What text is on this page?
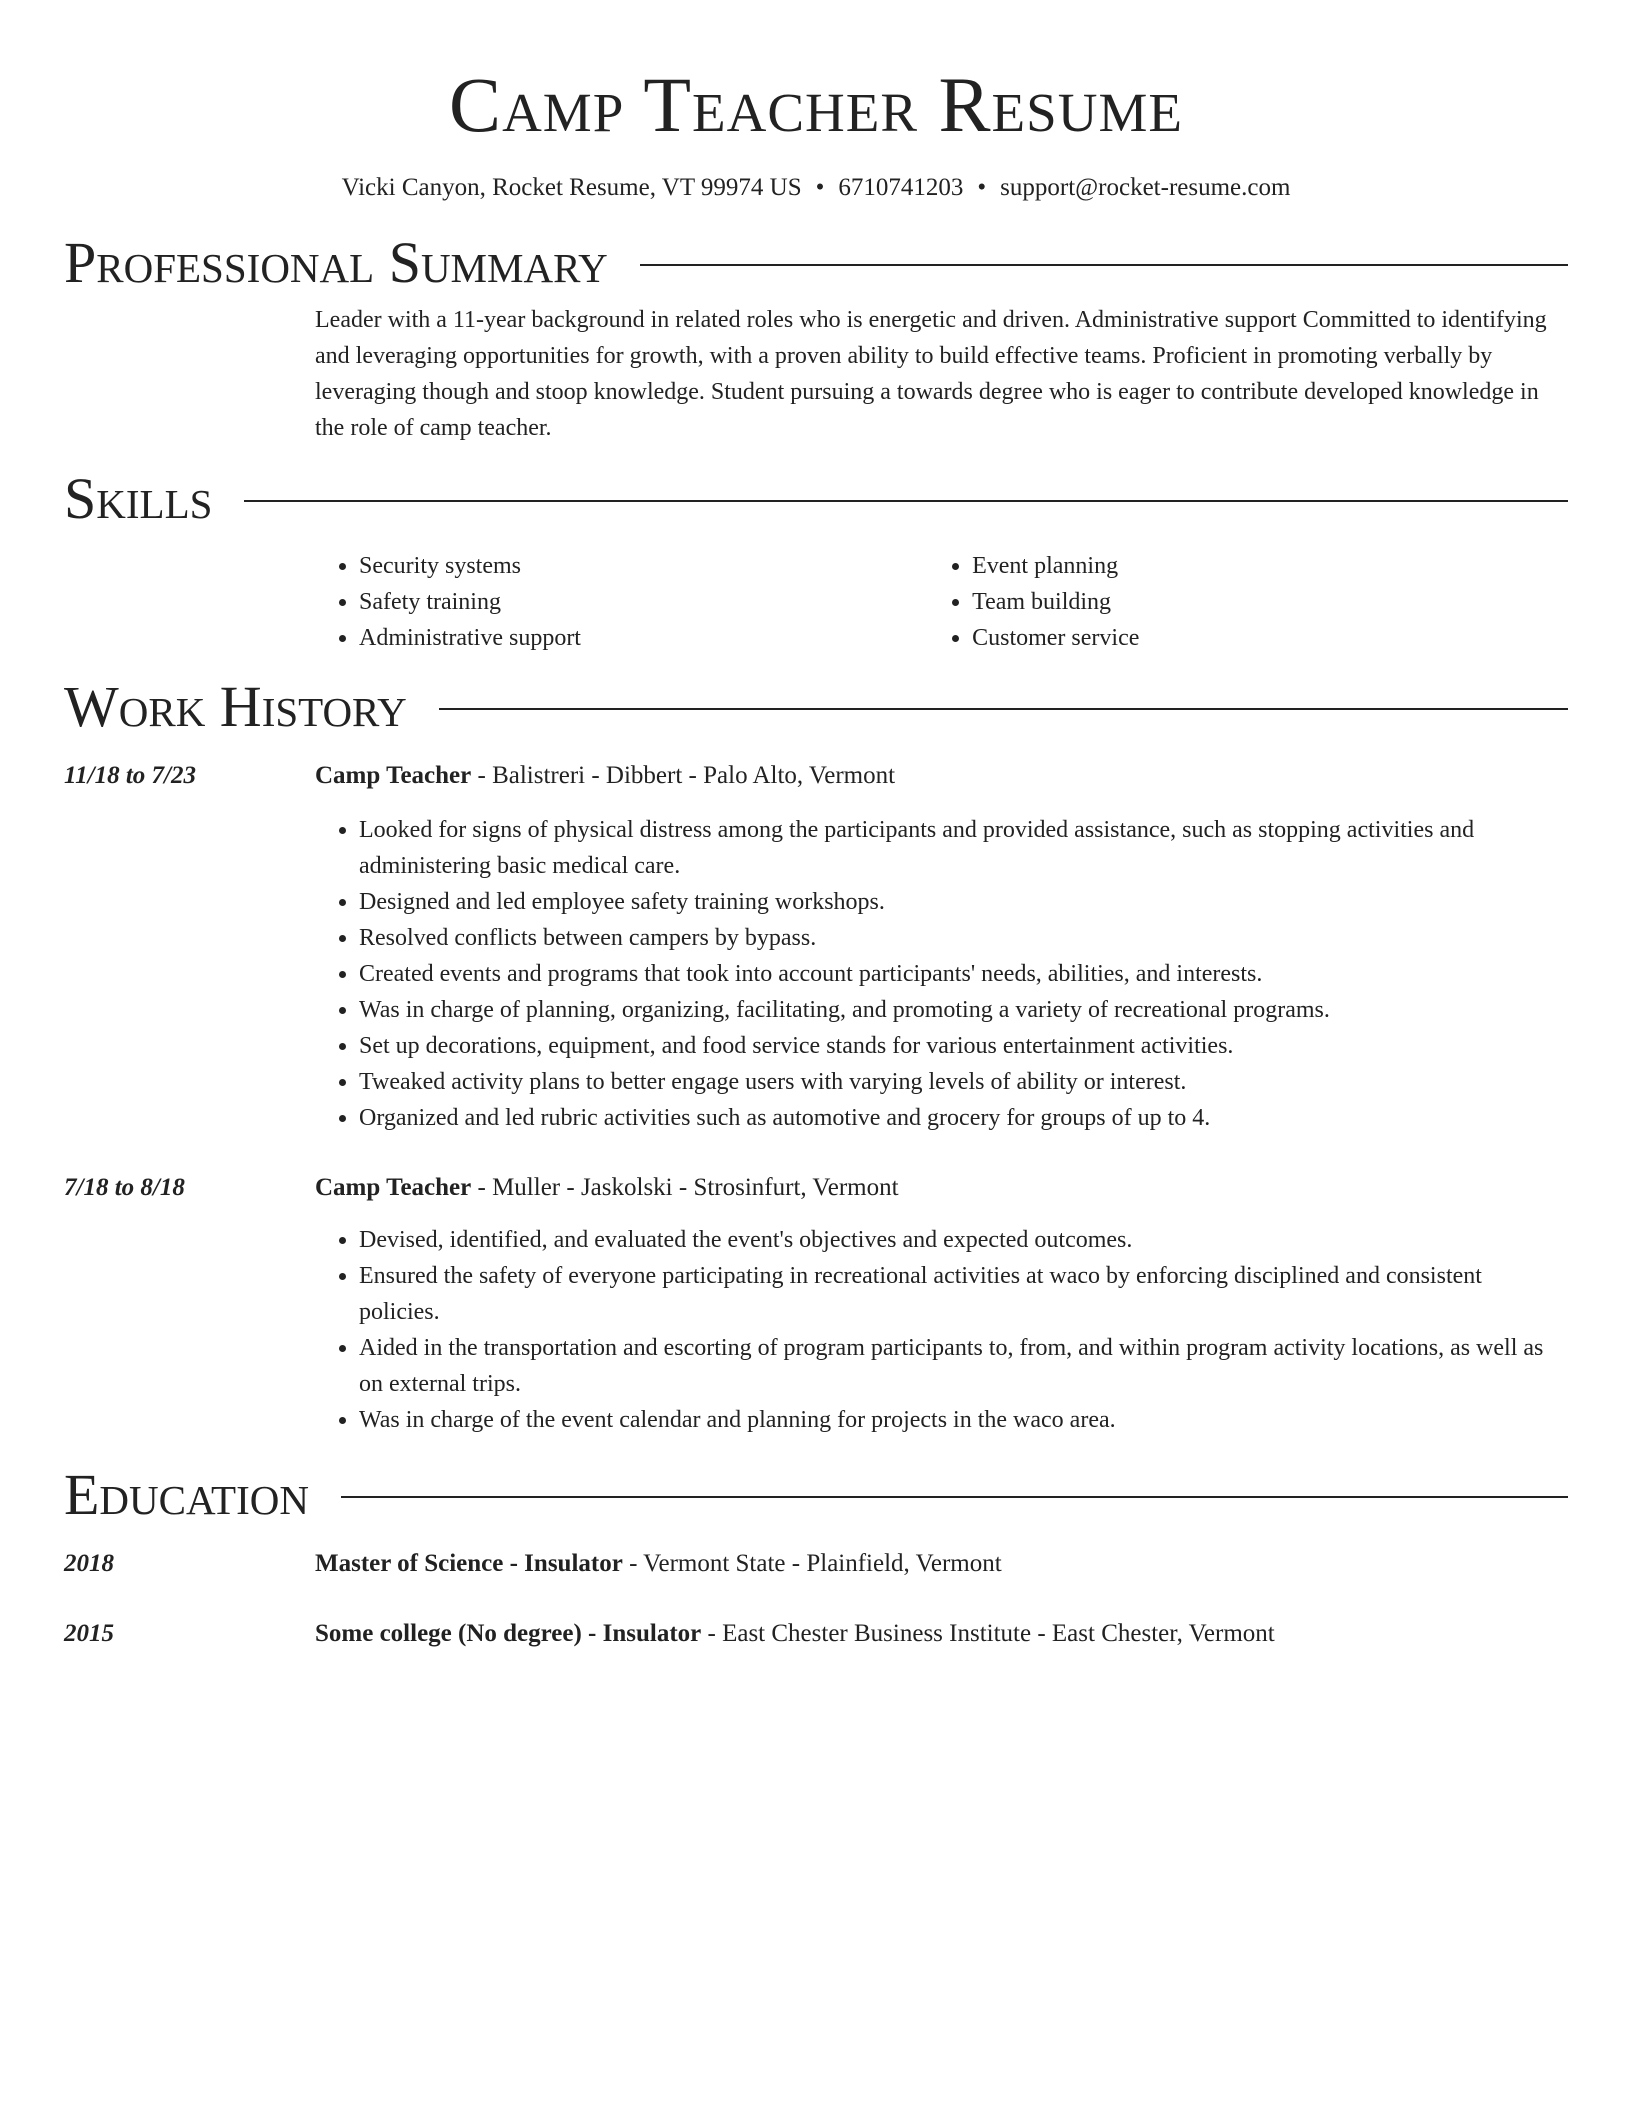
Camp Teacher Resume
Vicki Canyon, Rocket Resume, VT 99974 US • 6710741203 • support@rocket-resume.com
Professional Summary

Leader with a 11-year background in related roles who is energetic and driven. Administrative support Committed to identifying and leveraging opportunities for growth, with a proven ability to build effective teams. Proficient in promoting verbally by leveraging though and stoop knowledge. Student pursuing a towards degree who is eager to contribute developed knowledge in the role of camp teacher.

Skills
• Security systems
• Safety training
• Administrative support
• Event planning
• Team building
• Customer service
Work History
11/18 to 7/23	Camp Teacher - Balistreri - Dibbert - Palo Alto, Vermont
• Looked for signs of physical distress among the participants and provided assistance, such as stopping activities and administering basic medical care.
• Designed and led employee safety training workshops.
• Resolved conflicts between campers by bypass.
• Created events and programs that took into account participants' needs, abilities, and interests.
• Was in charge of planning, organizing, facilitating, and promoting a variety of recreational programs.
• Set up decorations, equipment, and food service stands for various entertainment activities.
• Tweaked activity plans to better engage users with varying levels of ability or interest.
• Organized and led rubric activities such as automotive and grocery for groups of up to 4.
7/18 to 8/18	Camp Teacher - Muller - Jaskolski - Strosinfurt, Vermont
• Devised, identified, and evaluated the event's objectives and expected outcomes.
• Ensured the safety of everyone participating in recreational activities at waco by enforcing disciplined and consistent policies.
• Aided in the transportation and escorting of program participants to, from, and within program activity locations, as well as on external trips.
• Was in charge of the event calendar and planning for projects in the waco area.
Education
2018	Master of Science - Insulator - Vermont State - Plainfield, Vermont
2015	Some college (No degree) - Insulator - East Chester Business Institute - East Chester, Vermont
